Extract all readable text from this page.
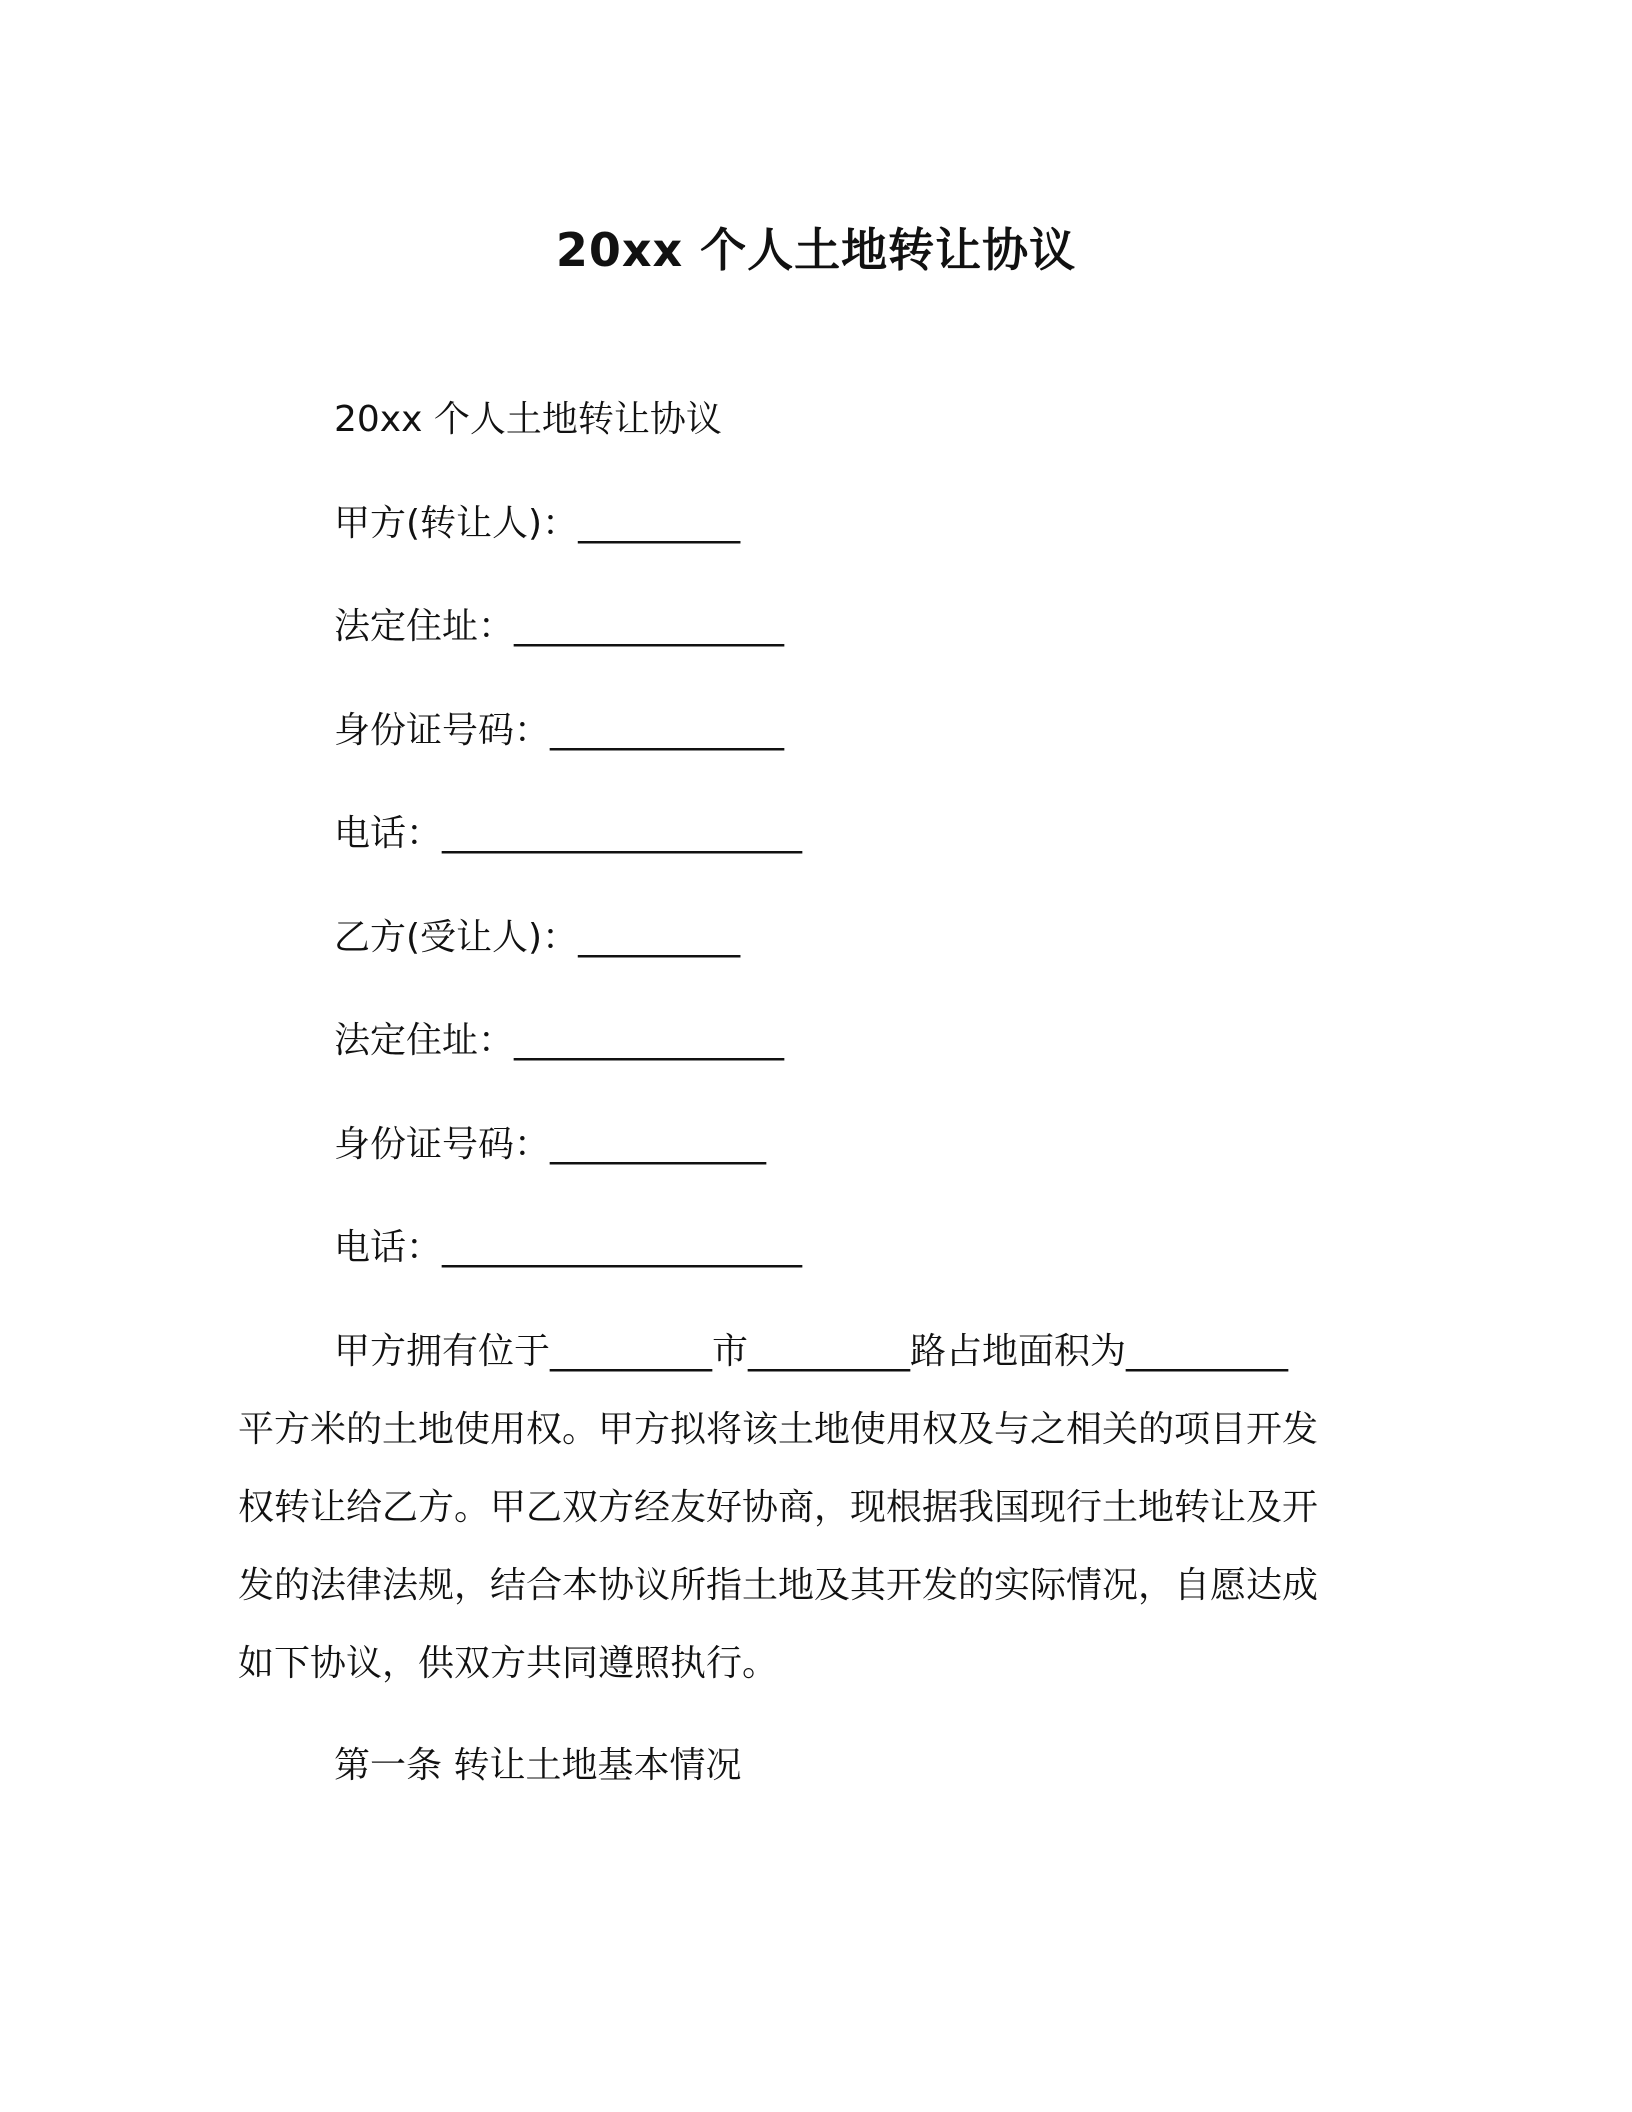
20xx 个人土地转让协议
20xx 个人土地转让协议
甲方(转让人)：_________
法定住址：_______________
身份证号码：_____________
电话：____________________
乙方(受让人)：_________
法定住址：_______________
身份证号码：____________
电话：____________________
甲方拥有位于_________市_________路占地面积为_________
平方米的土地使用权。甲方拟将该土地使用权及与之相关的项目开发
权转让给乙方。甲乙双方经友好协商，现根据我国现行土地转让及开
发的法律法规，结合本协议所指土地及其开发的实际情况，自愿达成
如下协议，供双方共同遵照执行。
第一条 转让土地基本情况
